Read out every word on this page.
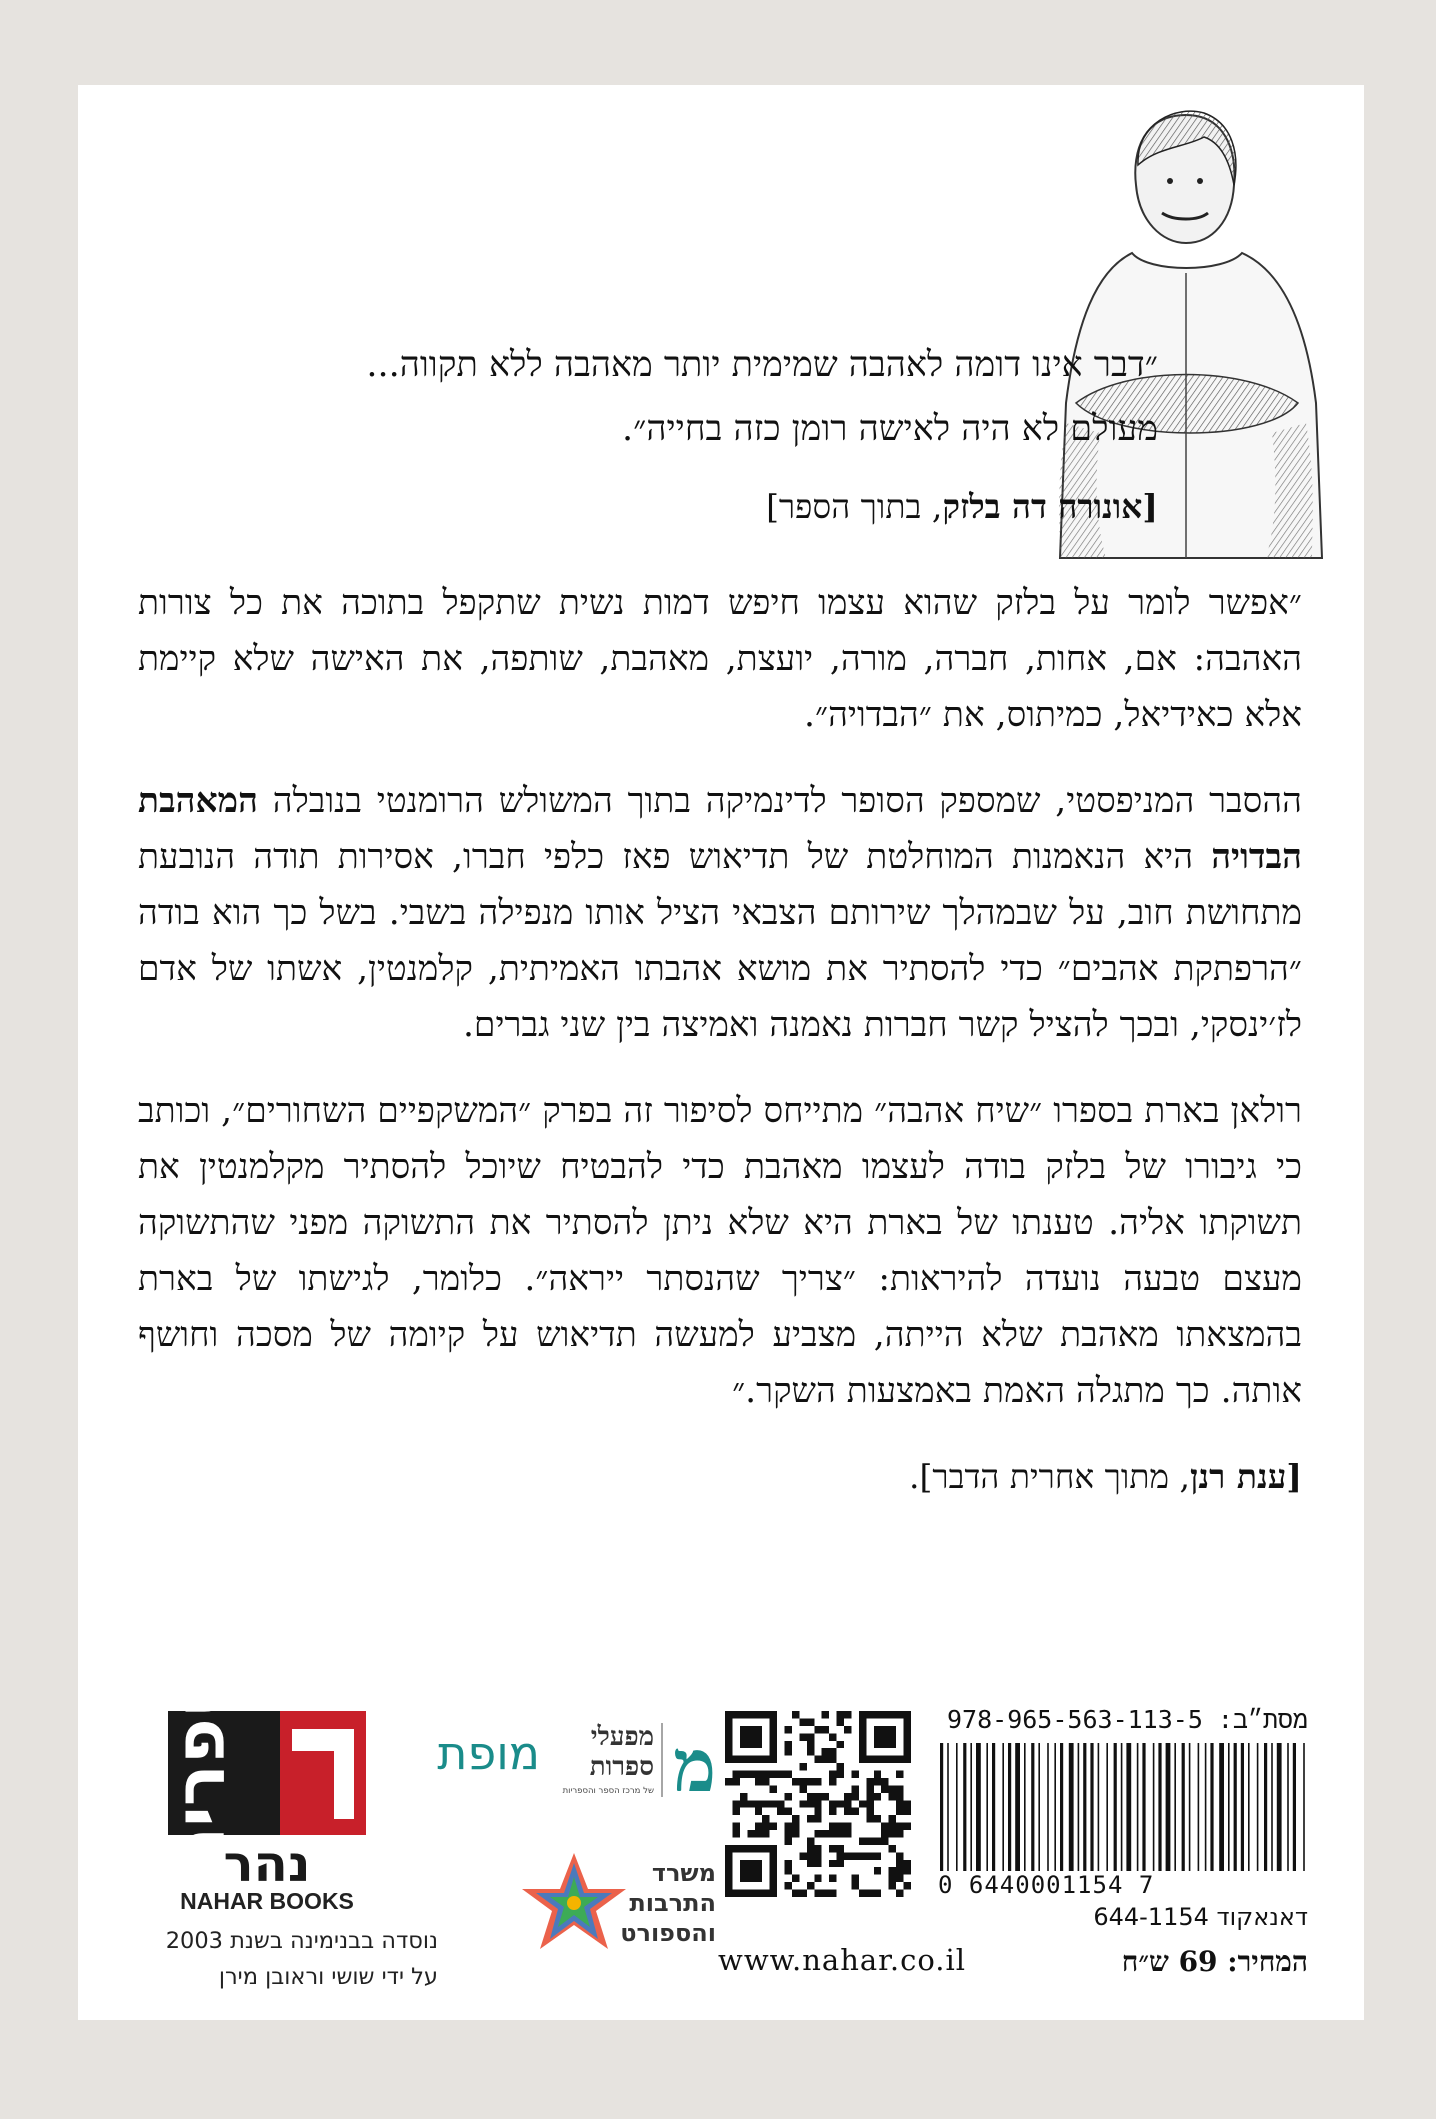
״דבר אינו דומה לאהבה שמימית יותר מאהבה ללא תקווה...

מעולם לא היה לאישה רומן כזה בחייה״.

[אונורה דה בלזק, בתוך הספר]

״אפשר לומר על בלזק שהוא עצמו חיפש דמות נשית שתקפל בתוכה את כל צורות האהבה: אם, אחות, חברה, מורה, יועצת, מאהבת, שותפה, את האישה שלא קיימת אלא כאידיאל, כמיתוס, את ״הבדויה״.

ההסבר המניפסטי, שמספק הסופר לדינמיקה בתוך המשולש הרומנטי בנובלה המאהבת הבדויה היא הנאמנות המוחלטת של תדיאוש פאז כלפי חברו, אסירות תודה הנובעת מתחושת חוב, על שבמהלך שירותם הצבאי הציל אותו מנפילה בשבי. בשל כך הוא בודה ״הרפתקת אהבים״ כדי להסתיר את מושא אהבתו האמיתית, קלמנטין, אשתו של אדם לז׳ינסקי, ובכך להציל קשר חברות נאמנה ואמיצה בין שני גברים.

רולאן בארת בספרו ״שיח אהבה״ מתייחס לסיפור זה בפרק ״המשקפיים השחורים״, וכותב כי גיבורו של בלזק בודה לעצמו מאהבת כדי להבטיח שיוכל להסתיר מקלמנטין את תשוקתו אליה. טענתו של בארת היא שלא ניתן להסתיר את התשוקה מפני שהתשוקה מעצם טבעה נועדה להיראות: ״צריך שהנסתר ייראה״. כלומר, לגישתו של בארת בהמצאתו מאהבת שלא הייתה, מצביע למעשה תדיאוש על קיומה של מסכה וחושף אותה. כך מתגלה האמת באמצעות השקר.״

[ענת רנן, מתוך אחרית הדבר].

מסת״ב: 978-965-563-113-5
0 6440001154 7
דאנאקוד 644-1154
המחיר: 69 ש״ח
www.nahar.co.il
מ
מפעלי
ספרות
של מרכז הספר והספריות
מופת
משרד
התרבות
והספורט
ספרים
נהר
NAHAR BOOKS
נוסדה בבנימינה בשנת 2003
על ידי שושי וראובן מירן
